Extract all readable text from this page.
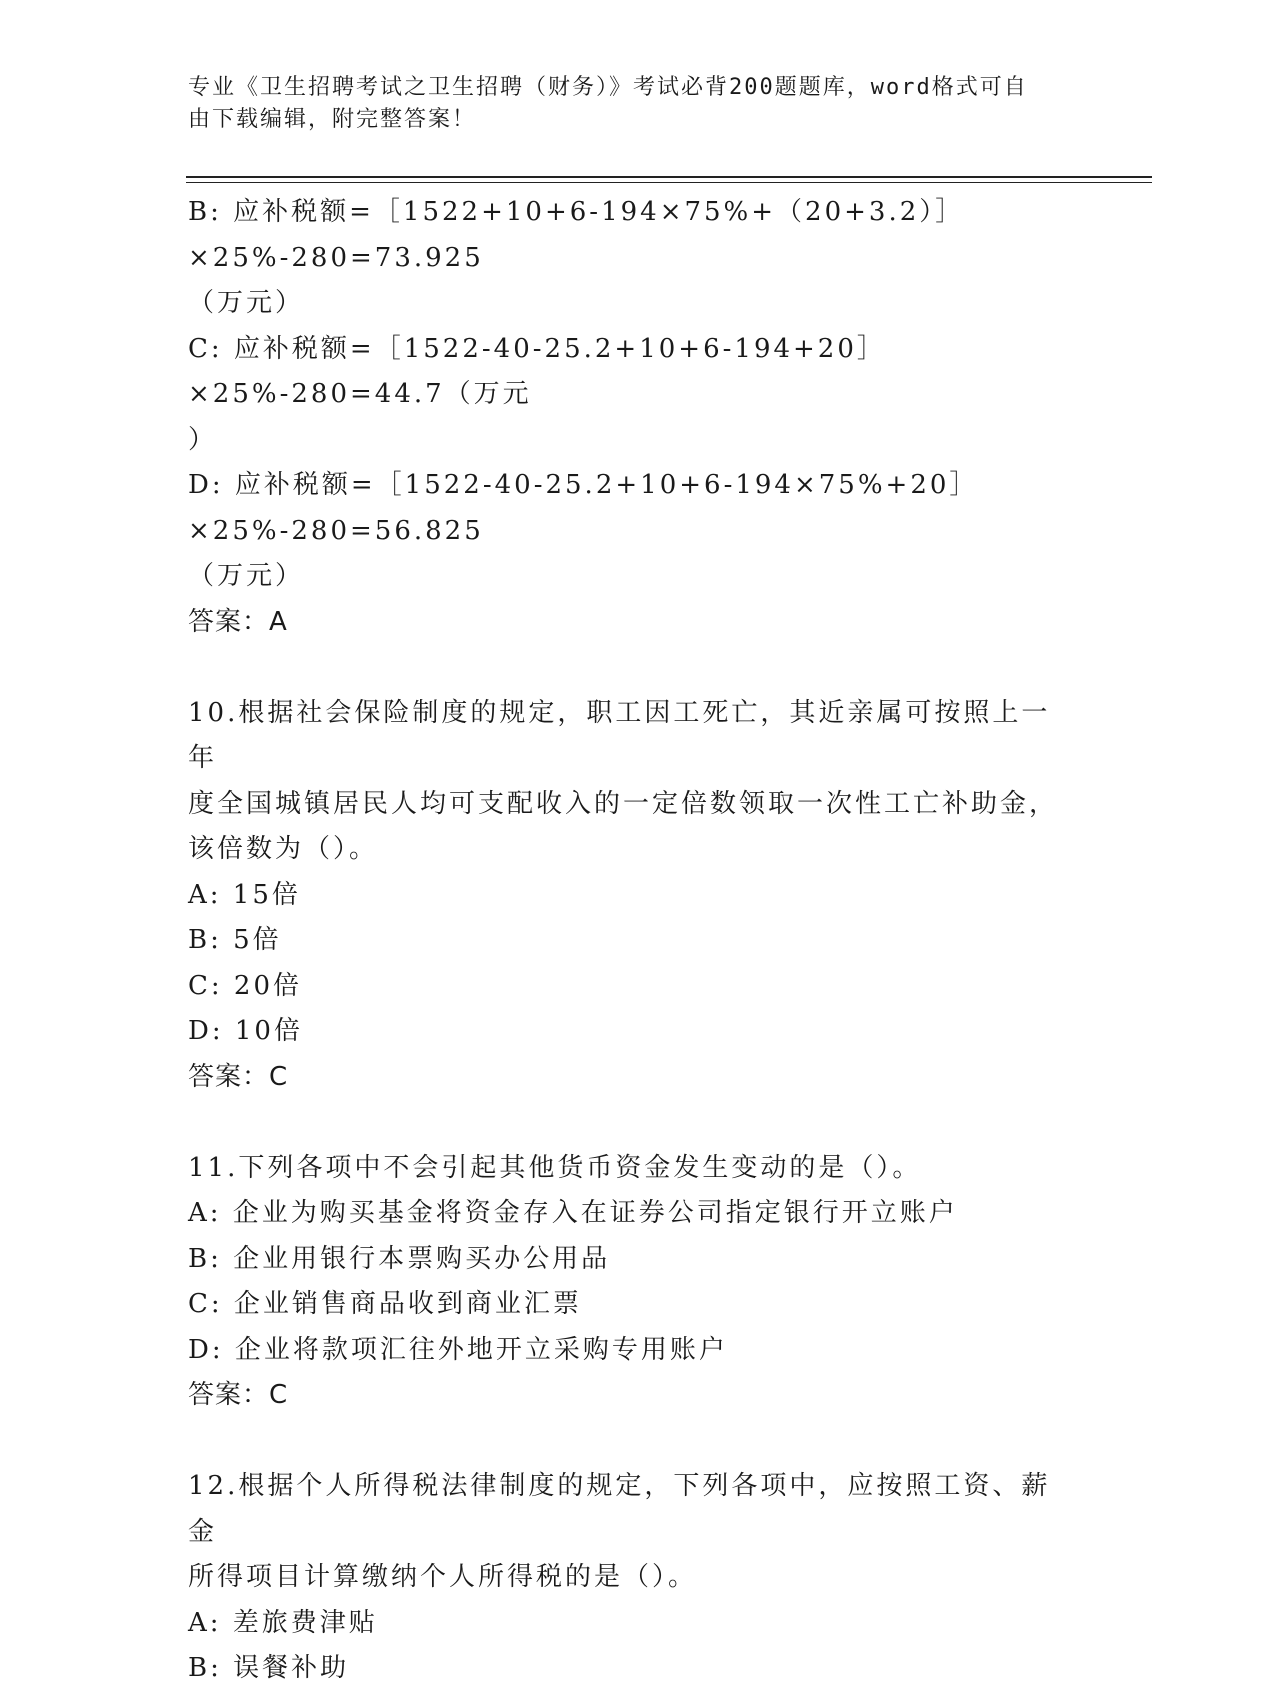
专业《卫生招聘考试之卫生招聘（财务）》考试必背200题题库，word格式可自
由下载编辑，附完整答案！

B: 应补税额=［1522+10+6-194×75%+（20+3.2）］×25%-280=73.925

（万元）

C: 应补税额=［1522-40-25.2+10+6-194+20］×25%-280=44.7（万元

）

D: 应补税额=［1522-40-25.2+10+6-194×75%+20］×25%-280=56.825

（万元）

答案：A

10.根据社会保险制度的规定，职工因工死亡，其近亲属可按照上一年

度全国城镇居民人均可支配收入的一定倍数领取一次性工亡补助金，

该倍数为（）。

A: 15倍

B: 5倍

C: 20倍

D: 10倍

答案：C

11.下列各项中不会引起其他货币资金发生变动的是（）。

A: 企业为购买基金将资金存入在证券公司指定银行开立账户

B: 企业用银行本票购买办公用品

C: 企业销售商品收到商业汇票

D: 企业将款项汇往外地开立采购专用账户

答案：C

12.根据个人所得税法律制度的规定，下列各项中，应按照工资、薪金

所得项目计算缴纳个人所得税的是（）。

A: 差旅费津贴

B: 误餐补助
